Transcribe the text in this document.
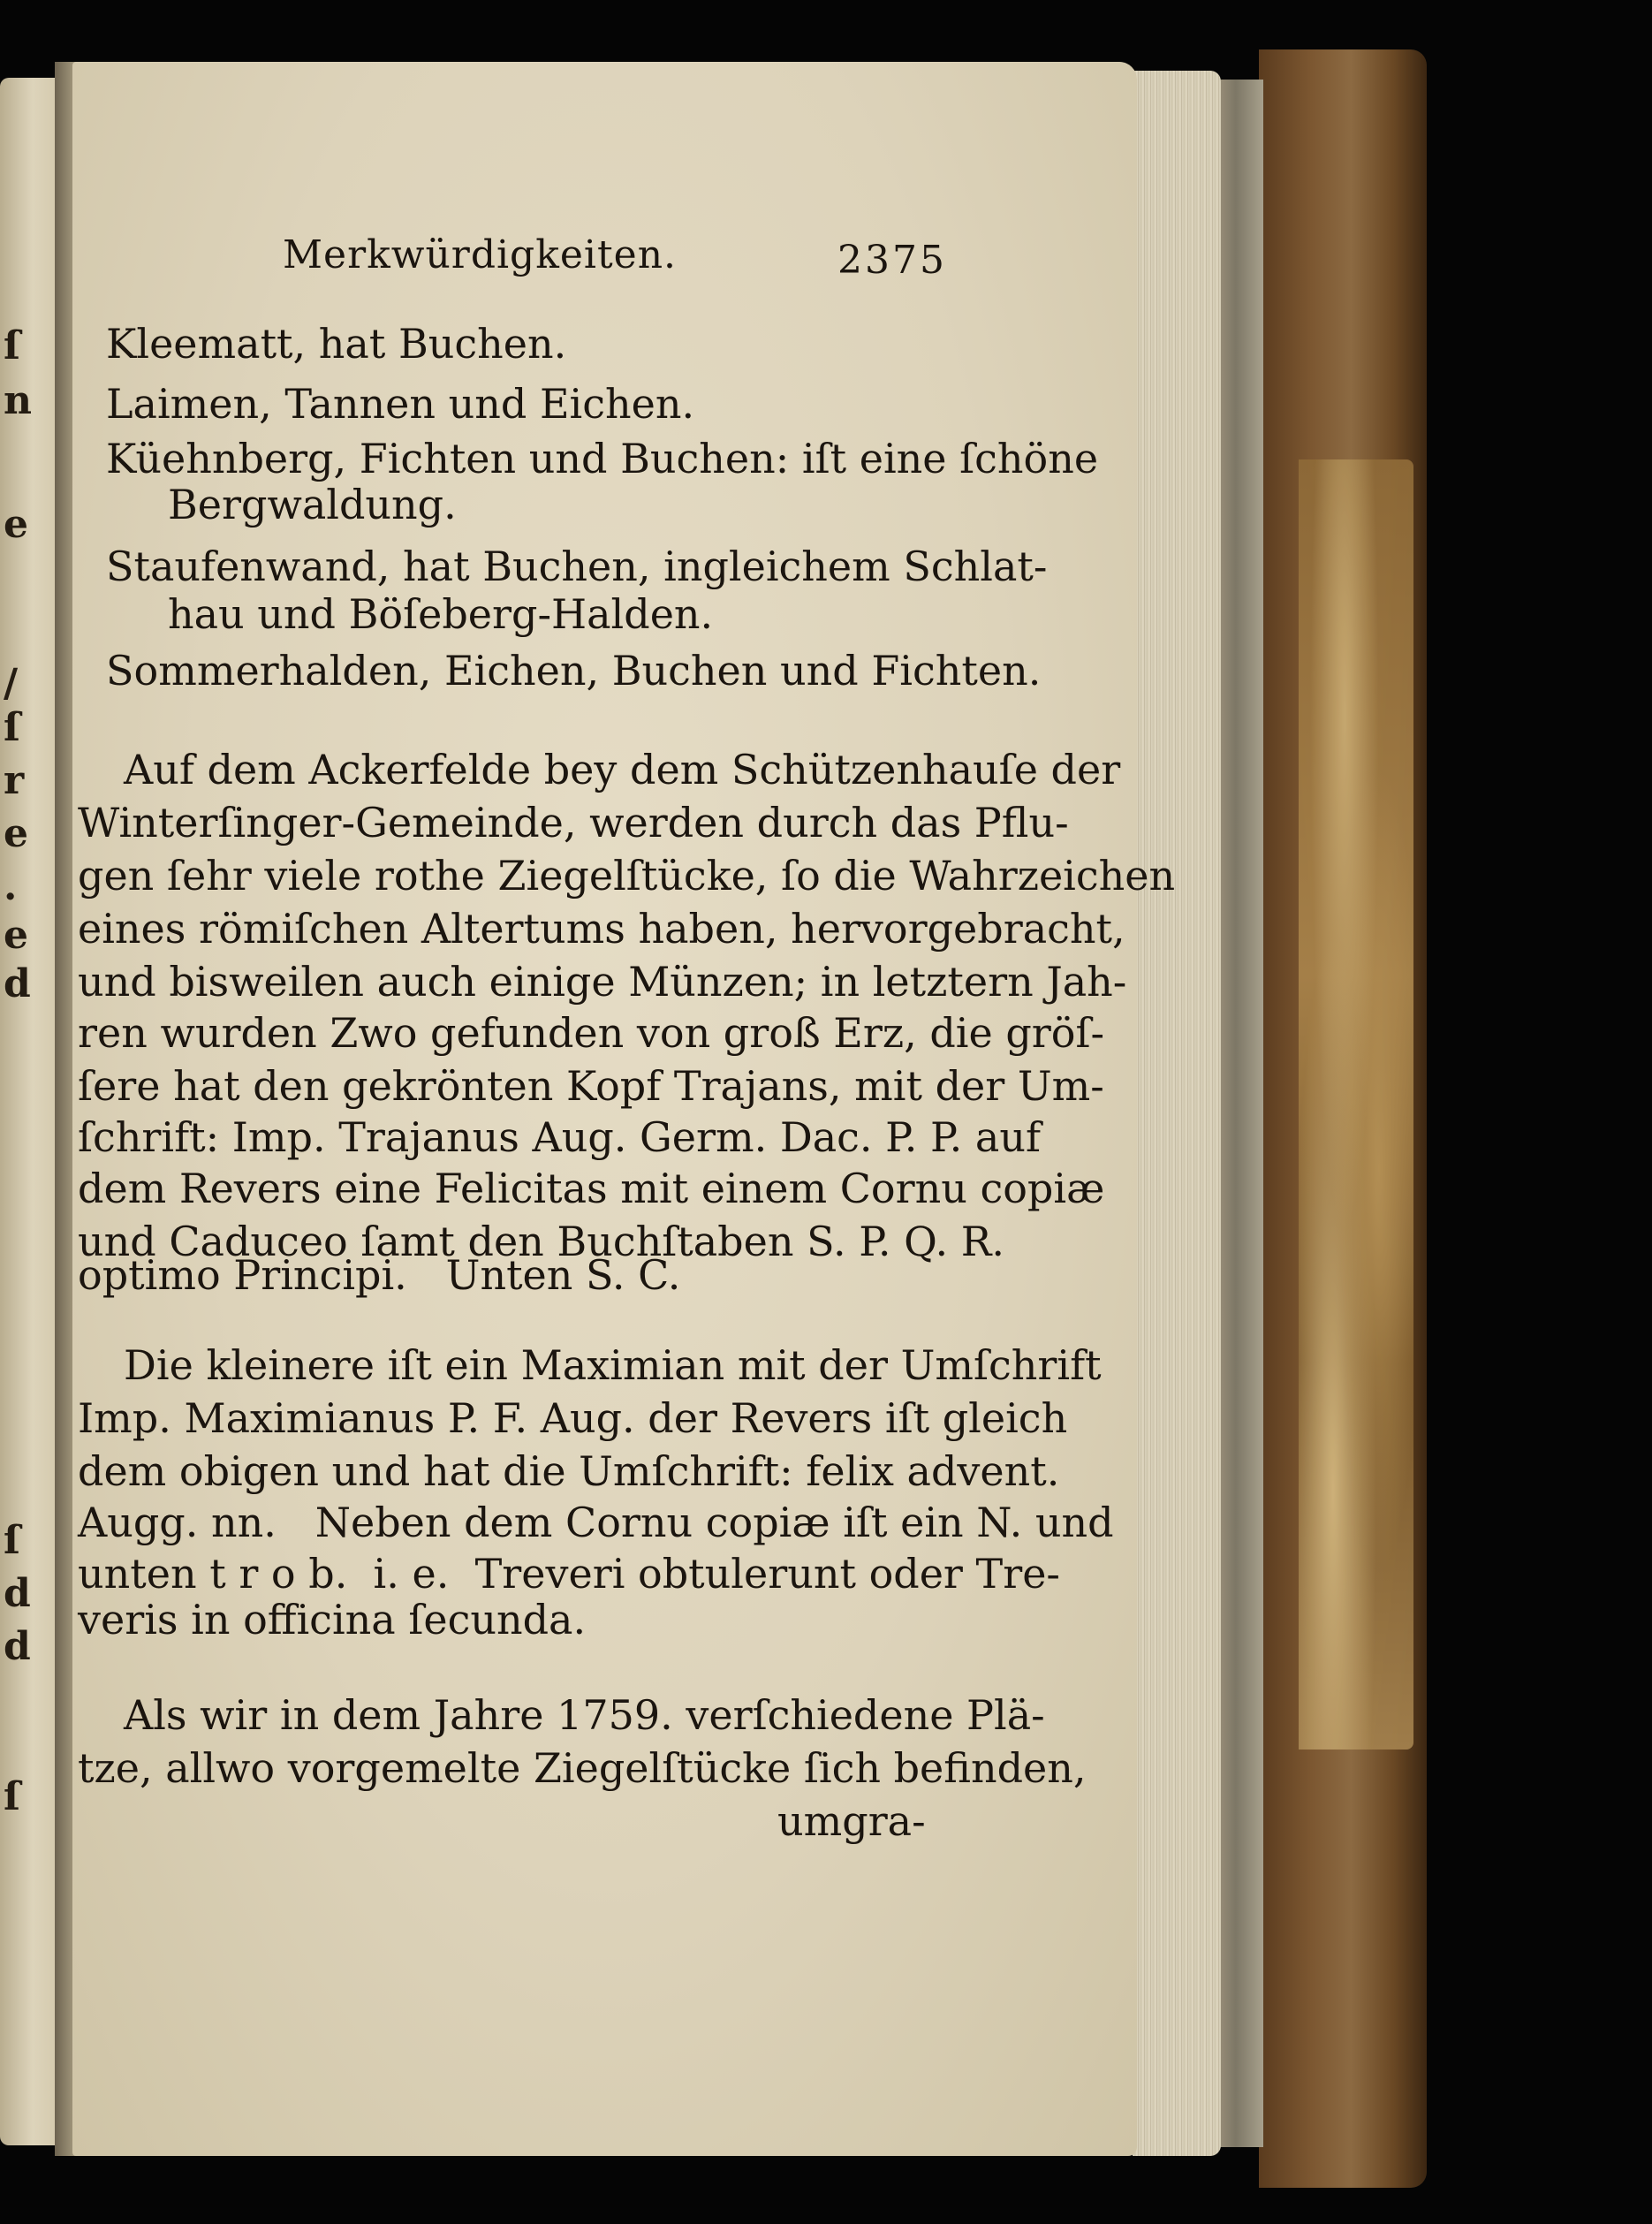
ſ
n
e
/
ſ
r
e
.
e
d
ſ
d
d
ſ

Merkwürdigkeiten.	2375

Kleematt, hat Buchen.

Laimen, Tannen und Eichen.

Küehnberg, Fichten und Buchen: iſt eine ſchöne

Bergwaldung.

Staufenwand, hat Buchen, ingleichem Schlat-

hau und Böſeberg-Halden.

Sommerhalden, Eichen, Buchen und Fichten.

Auf dem Ackerfelde bey dem Schützenhauſe der

Winterſinger-Gemeinde, werden durch das Pflu-

gen ſehr viele rothe Ziegelſtücke, ſo die Wahrzeichen

eines römiſchen Altertums haben, hervorgebracht,

und bisweilen auch einige Münzen; in letztern Jah-

ren wurden Zwo gefunden von groß Erz, die gröſ-

ſere hat den gekrönten Kopf Trajans, mit der Um-

ſchrift: Imp. Trajanus Aug. Germ. Dac. P. P. auf

dem Revers eine Felicitas mit einem Cornu copiæ

und Caduceo ſamt den Buchſtaben S. P. Q. R.

optimo Principi.   Unten S. C.

Die kleinere iſt ein Maximian mit der Umſchrift

Imp. Maximianus P. F. Aug. der Revers iſt gleich

dem obigen und hat die Umſchrift: felix advent.

Augg. nn.   Neben dem Cornu copiæ iſt ein N. und

unten t r o b.  i. e.  Treveri obtulerunt oder Tre-

veris in officina ſecunda.

Als wir in dem Jahre 1759. verſchiedene Plä-

tze, allwo vorgemelte Ziegelſtücke ſich befinden,

umgra-
